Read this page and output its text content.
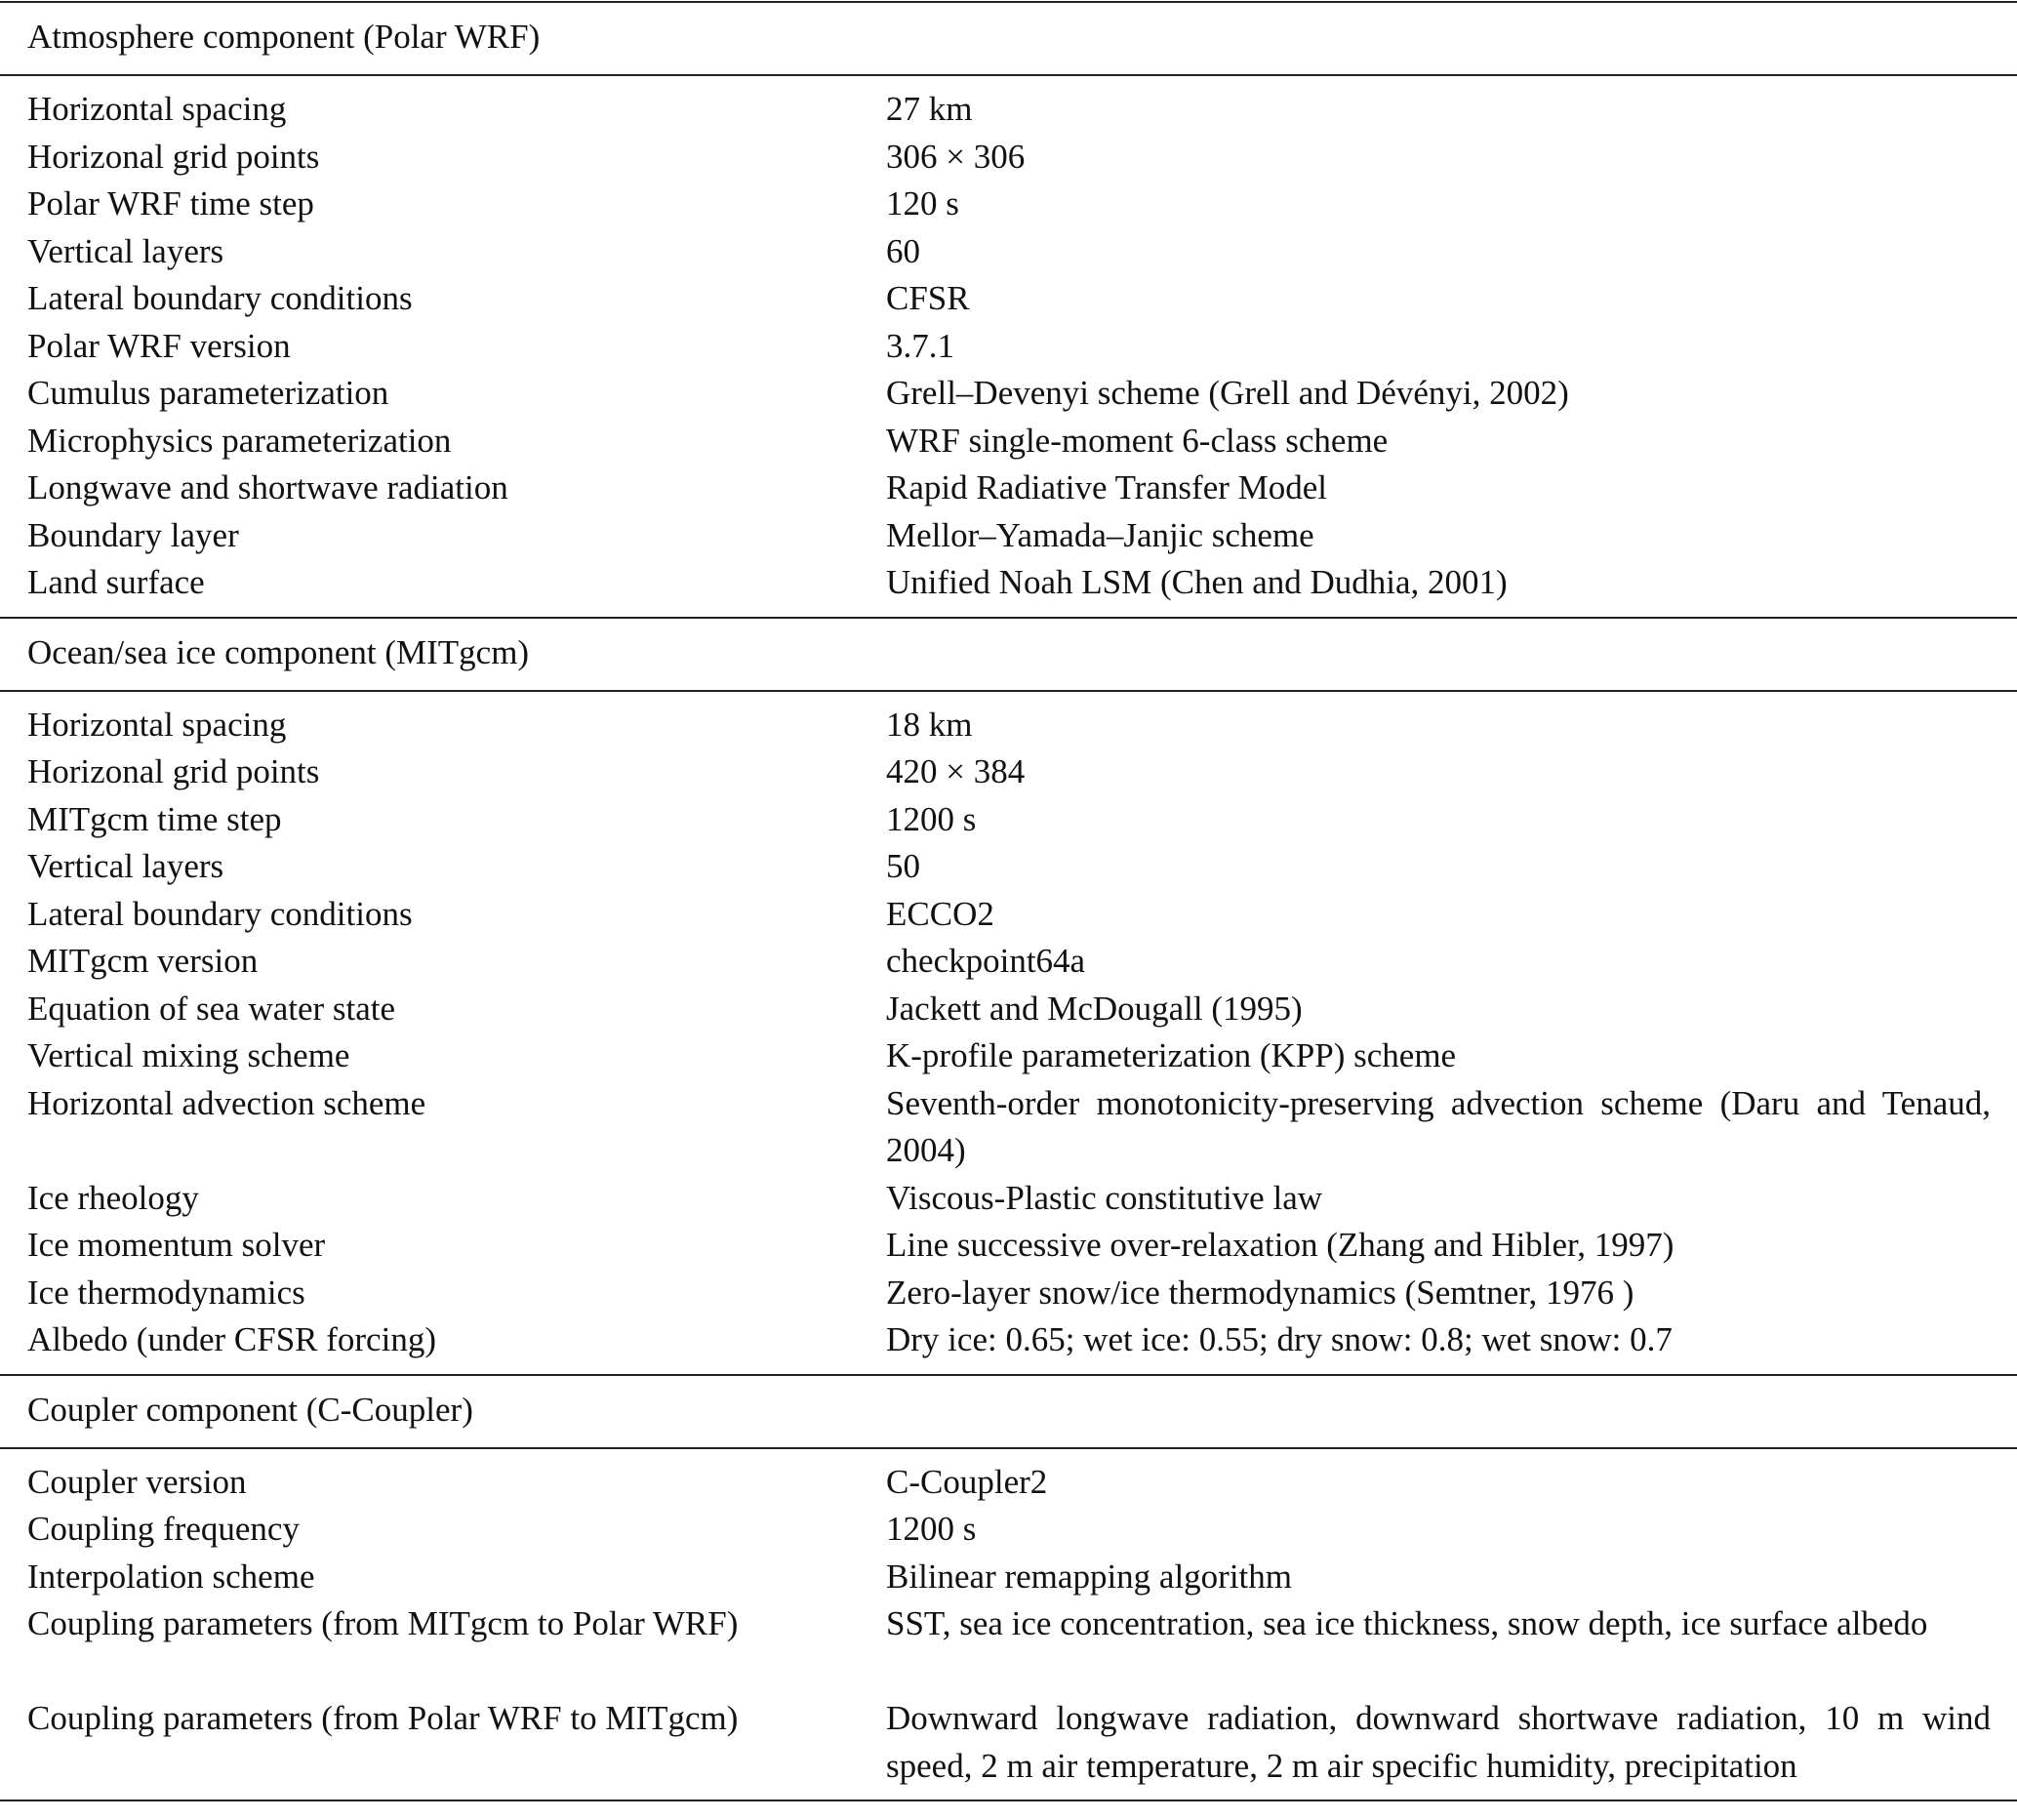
Atmosphere component (Polar WRF)
Horizontal spacing	27 km
Horizonal grid points	306 × 306
Polar WRF time step	120 s
Vertical layers	60
Lateral boundary conditions	CFSR
Polar WRF version	3.7.1
Cumulus parameterization	Grell–Devenyi scheme (Grell and Dévényi, 2002)
Microphysics parameterization	WRF single-moment 6-class scheme
Longwave and shortwave radiation	Rapid Radiative Transfer Model
Boundary layer	Mellor–Yamada–Janjic scheme
Land surface	Unified Noah LSM (Chen and Dudhia, 2001)
Ocean/sea ice component (MITgcm)
Horizontal spacing	18 km
Horizonal grid points	420 × 384
MITgcm time step	1200 s
Vertical layers	50
Lateral boundary conditions	ECCO2
MITgcm version	checkpoint64a
Equation of sea water state	Jackett and McDougall (1995)
Vertical mixing scheme	K-profile parameterization (KPP) scheme
Horizontal advection scheme	Seventh-order monotonicity-preserving advection scheme (Daru and Tenaud, 2004)
Ice rheology	Viscous-Plastic constitutive law
Ice momentum solver	Line successive over-relaxation (Zhang and Hibler, 1997)
Ice thermodynamics	Zero-layer snow/ice thermodynamics (Semtner, 1976 )
Albedo (under CFSR forcing)	Dry ice: 0.65; wet ice: 0.55; dry snow: 0.8; wet snow: 0.7
Coupler component (C-Coupler)
Coupler version	C-Coupler2
Coupling frequency	1200 s
Interpolation scheme	Bilinear remapping algorithm
Coupling parameters (from MITgcm to Polar WRF)	SST, sea ice concentration, sea ice thickness, snow depth, ice surface albedo
Coupling parameters (from Polar WRF to MITgcm)	Downward longwave radiation, downward shortwave radiation, 10 m wind speed, 2 m air temperature, 2 m air specific humidity, precipitation
